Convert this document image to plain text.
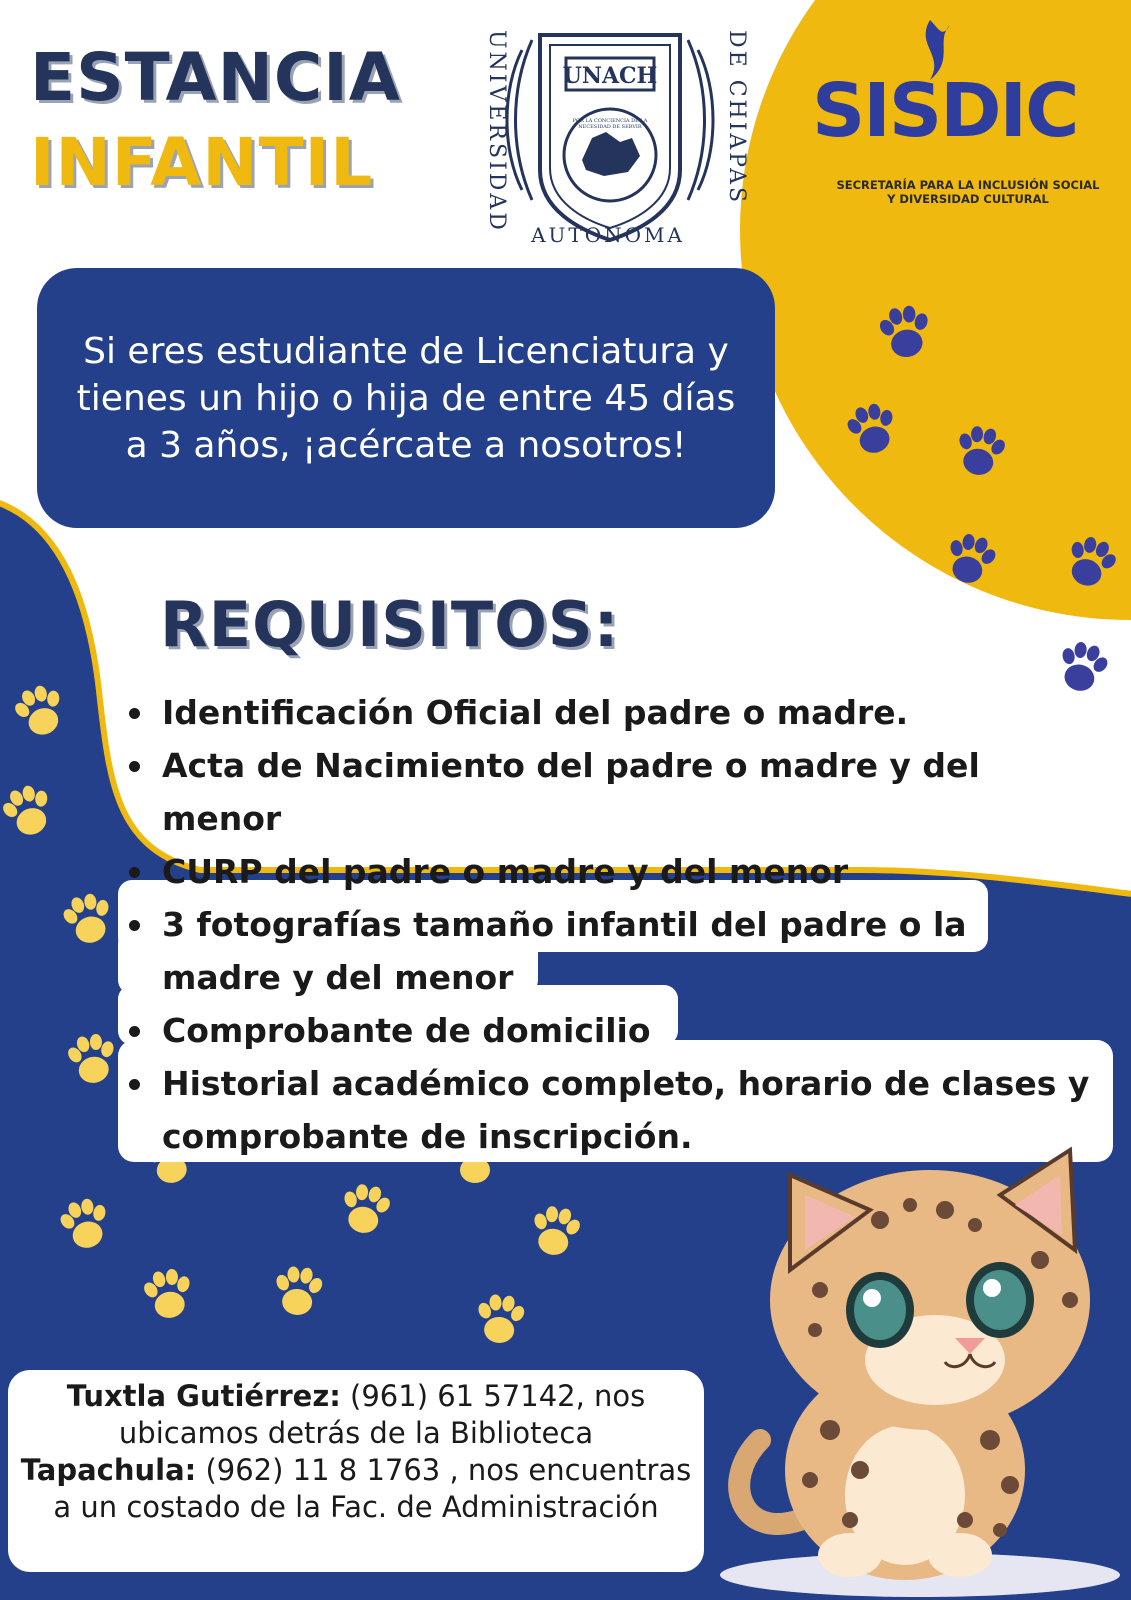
UNACH
UNIVERSIDAD	DE CHIAPAS
AUTONOMA
ESTANCIA
INFANTIL
SISDIC
SECRETARÍA PARA LA INCLUSIÓN SOCIAL
Y DIVERSIDAD CULTURAL
POR LA CONCIENCIA DE LA NECESIDAD DE SERVIR
Si eres estudiante de Licenciatura y tienes un hijo o hija de entre 45 días a 3 años, ¡acércate a nosotros!
REQUISITOS:
Identificación Oficial del padre o madre.
Acta de Nacimiento del padre o madre y del menor
CURP del padre o madre y del menor
3 fotografías tamaño infantil del padre o la madre y del menor
Comprobante de domicilio
Historial académico completo, horario de clases y comprobante de inscripción.
Tuxtla Gutiérrez: (961) 61 57142, nos ubicamos detrás de la Biblioteca
Tapachula: (962) 11 8 1763 , nos encuentras a un costado de la Fac. de Administración
